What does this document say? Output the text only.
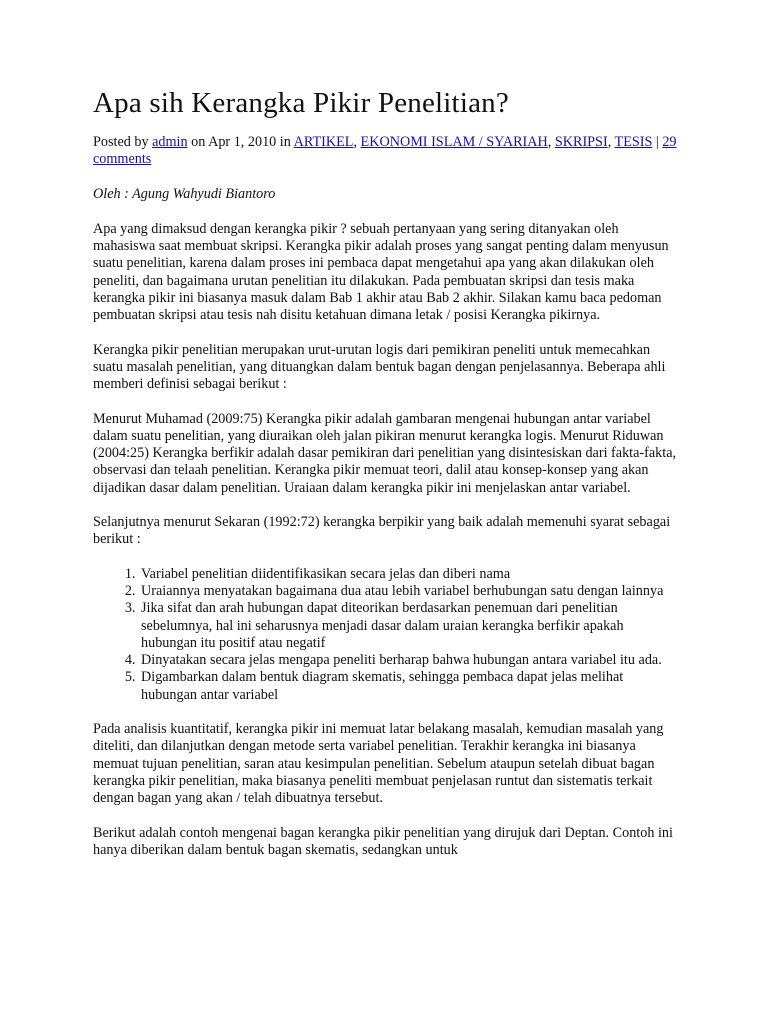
Apa sih Kerangka Pikir Penelitian?

Posted by admin on Apr 1, 2010 in ARTIKEL, EKONOMI ISLAM / SYARIAH, SKRIPSI, TESIS | 29 comments

Oleh : Agung Wahyudi Biantoro

Apa yang dimaksud dengan kerangka pikir ? sebuah pertanyaan yang sering ditanyakan oleh mahasiswa saat membuat skripsi. Kerangka pikir adalah proses yang sangat penting dalam menyusun suatu penelitian, karena dalam proses ini pembaca dapat mengetahui apa yang akan dilakukan oleh peneliti, dan bagaimana urutan penelitian itu dilakukan. Pada pembuatan skripsi dan tesis maka kerangka pikir ini biasanya masuk dalam Bab 1 akhir atau Bab 2 akhir. Silakan kamu baca pedoman pembuatan skripsi atau tesis nah disitu ketahuan dimana letak / posisi Kerangka pikirnya.

Kerangka pikir penelitian merupakan urut-urutan logis dari pemikiran peneliti untuk memecahkan suatu masalah penelitian, yang dituangkan dalam bentuk bagan dengan penjelasannya. Beberapa ahli memberi definisi sebagai berikut :

Menurut Muhamad (2009:75) Kerangka pikir adalah gambaran mengenai hubungan antar variabel dalam suatu penelitian, yang diuraikan oleh jalan pikiran menurut kerangka logis. Menurut Riduwan (2004:25) Kerangka berfikir adalah dasar pemikiran dari penelitian yang disintesiskan dari fakta-fakta, observasi dan telaah penelitian. Kerangka pikir memuat teori, dalil atau konsep-konsep yang akan dijadikan dasar dalam penelitian. Uraiaan dalam kerangka pikir ini menjelaskan antar variabel.

Selanjutnya menurut Sekaran (1992:72) kerangka berpikir yang baik adalah memenuhi syarat sebagai berikut :

1. Variabel penelitian diidentifikasikan secara jelas dan diberi nama
2. Uraiannya menyatakan bagaimana dua atau lebih variabel berhubungan satu dengan lainnya
3. Jika sifat dan arah hubungan dapat diteorikan berdasarkan penemuan dari penelitian sebelumnya, hal ini seharusnya menjadi dasar dalam uraian kerangka berfikir apakah hubungan itu positif atau negatif
4. Dinyatakan secara jelas mengapa peneliti berharap bahwa hubungan antara variabel itu ada.
5. Digambarkan dalam bentuk diagram skematis, sehingga pembaca dapat jelas melihat hubungan antar variabel

Pada analisis kuantitatif, kerangka pikir ini memuat latar belakang masalah, kemudian masalah yang diteliti, dan dilanjutkan dengan metode serta variabel penelitian. Terakhir kerangka ini biasanya memuat tujuan penelitian, saran atau kesimpulan penelitian. Sebelum ataupun setelah dibuat bagan kerangka pikir penelitian, maka biasanya peneliti membuat penjelasan runtut dan sistematis terkait dengan bagan yang akan / telah dibuatnya tersebut.

Berikut adalah contoh mengenai bagan kerangka pikir penelitian yang dirujuk dari Deptan. Contoh ini hanya diberikan dalam bentuk bagan skematis, sedangkan untuk
